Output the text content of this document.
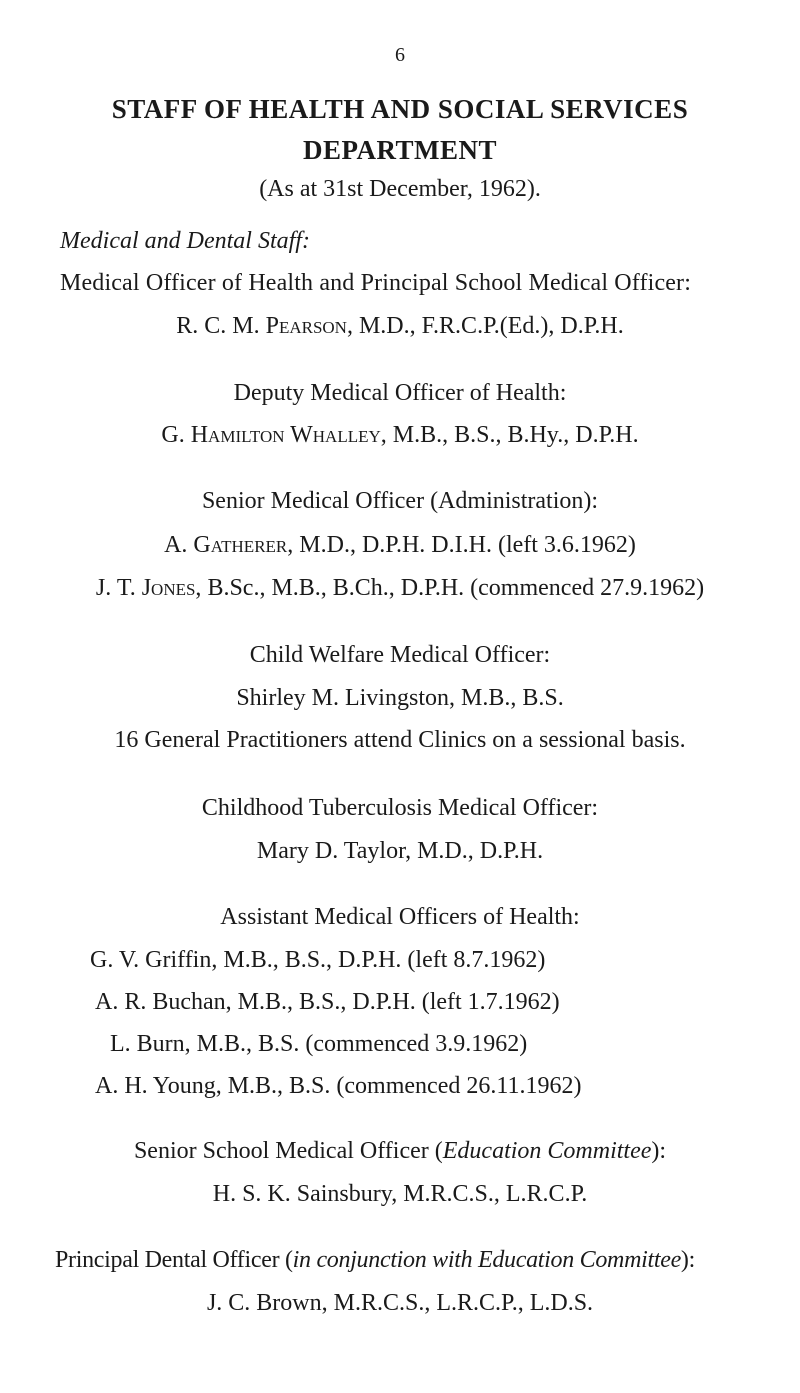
6
STAFF OF HEALTH AND SOCIAL SERVICES
DEPARTMENT
(As at 31st December, 1962).
Medical and Dental Staff:
Medical Officer of Health and Principal School Medical Officer:
R. C. M. Pearson, M.D., F.R.C.P.(Ed.), D.P.H.
Deputy Medical Officer of Health:
G. Hamilton Whalley, M.B., B.S., B.Hy., D.P.H.
Senior Medical Officer (Administration):
A. Gatherer, M.D., D.P.H. D.I.H. (left 3.6.1962)
J. T. Jones, B.Sc., M.B., B.Ch., D.P.H. (commenced 27.9.1962)
Child Welfare Medical Officer:
Shirley M. Livingston, M.B., B.S.
16 General Practitioners attend Clinics on a sessional basis.
Childhood Tuberculosis Medical Officer:
Mary D. Taylor, M.D., D.P.H.
Assistant Medical Officers of Health:
G. V. Griffin, M.B., B.S., D.P.H. (left 8.7.1962)
A. R. Buchan, M.B., B.S., D.P.H. (left 1.7.1962)
L. Burn, M.B., B.S. (commenced 3.9.1962)
A. H. Young, M.B., B.S. (commenced 26.11.1962)
Senior School Medical Officer (Education Committee):
H. S. K. Sainsbury, M.R.C.S., L.R.C.P.
Principal Dental Officer (in conjunction with Education Committee):
J. C. Brown, M.R.C.S., L.R.C.P., L.D.S.
